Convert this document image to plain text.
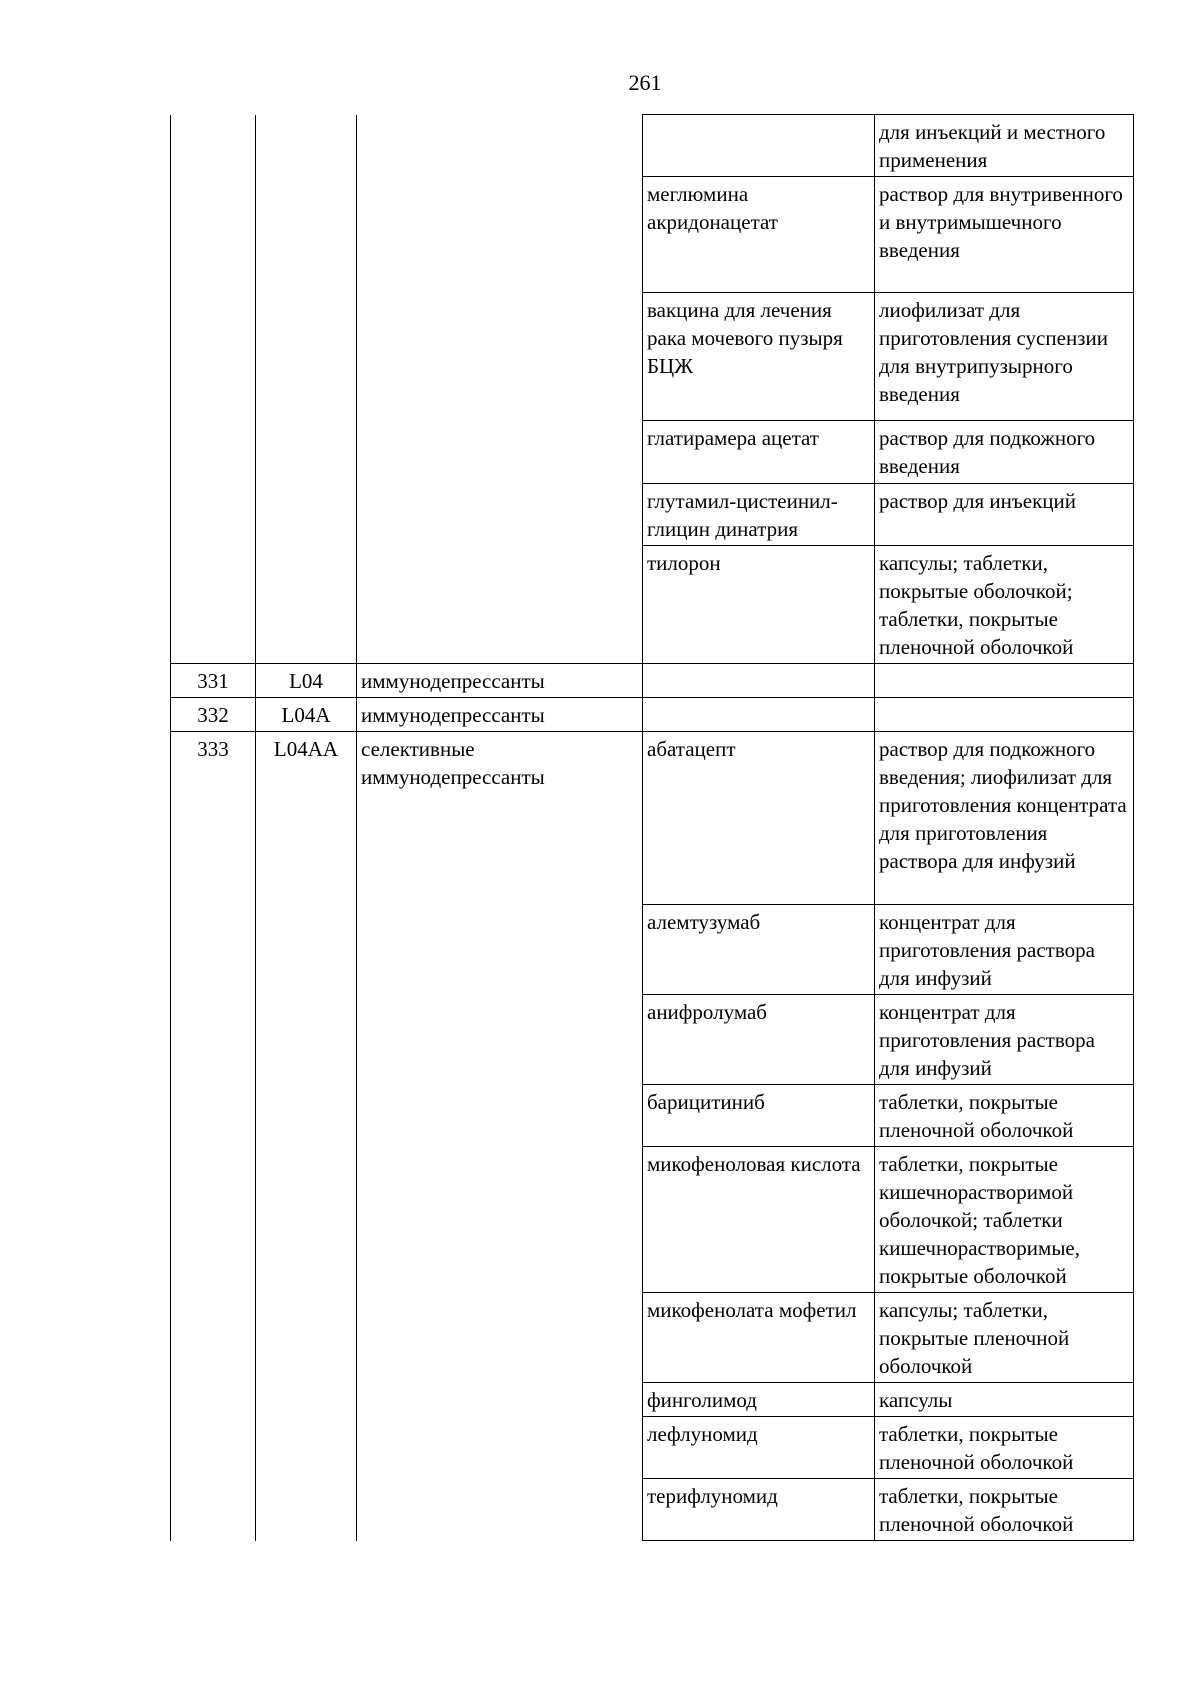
261
				для инъекций и местного применения
			меглюмина акридонацетат	раствор для внутривенного и внутримышечного введения
			вакцина для лечения рака мочевого пузыря БЦЖ	лиофилизат для приготовления суспензии для внутрипузырного введения
			глатирамера ацетат	раствор для подкожного введения
			глутамил-цистеинил-глицин динатрия	раствор для инъекций
			тилорон	капсулы; таблетки, покрытые оболочкой; таблетки, покрытые пленочной оболочкой
331	L04	иммунодепрессанты		
332	L04A	иммунодепрессанты		
333	L04AA	селективные иммунодепрессанты	абатацепт	раствор для подкожного введения; лиофилизат для приготовления концентрата для приготовления раствора для инфузий
			алемтузумаб	концентрат для приготовления раствора для инфузий
			анифролумаб	концентрат для приготовления раствора для инфузий
			барицитиниб	таблетки, покрытые пленочной оболочкой
			микофеноловая кислота	таблетки, покрытые кишечнорастворимой оболочкой; таблетки кишечнорастворимые, покрытые оболочкой
			микофенолата мофетил	капсулы; таблетки, покрытые пленочной оболочкой
			финголимод	капсулы
			лефлуномид	таблетки, покрытые пленочной оболочкой
			терифлуномид	таблетки, покрытые пленочной оболочкой
